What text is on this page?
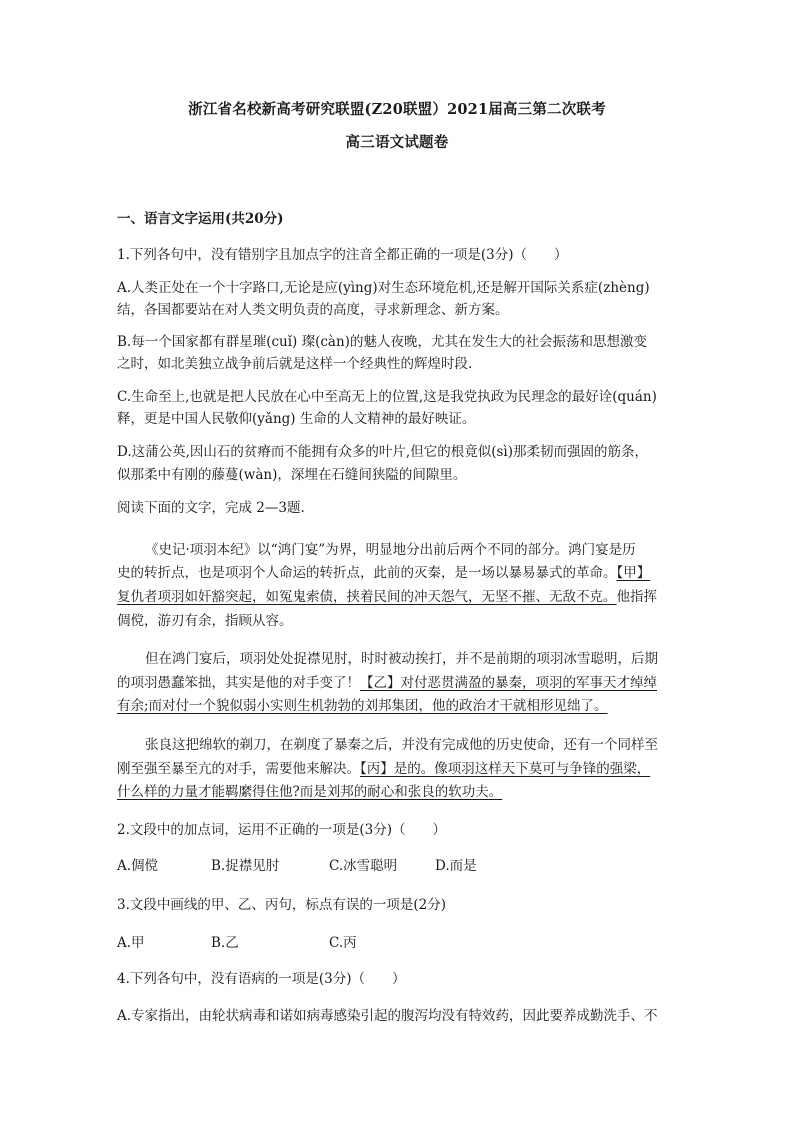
浙江省名校新高考研究联盟(Z20联盟）2021届高三第二次联考
高三语文试题卷
一、语言文字运用(共20分)
1.下列各句中，没有错别字且加点字的注音全都正确的一项是(3分)（　　）
A.人类正处在一个十字路口,无论是应(yìng)对生态环境危机,还是解开国际关系症(zhèng)
结，各国都要站在对人类文明负责的高度，寻求新理念、新方案。
B.每一个国家都有群星璀(cuǐ) 璨(càn)的魅人夜晚，尤其在发生大的社会振荡和思想激变
之时，如北美独立战争前后就是这样一个经典性的辉煌时段.
C.生命至上,也就是把人民放在心中至高无上的位置,这是我党执政为民理念的最好诠(quán)
释，更是中国人民敬仰(yǎng) 生命的人文精神的最好映证。
D.这蒲公英,因山石的贫瘠而不能拥有众多的叶片,但它的根竟似(sì)那柔韧而强固的筋条，
似那柔中有刚的藤蔓(wàn)，深埋在石缝间狭隘的间隙里。
阅读下面的文字，完成 2—3题.
《史记·项羽本纪》以“鸿门宴”为界，明显地分出前后两个不同的部分。鸿门宴是历
史的转折点，也是项羽个人命运的转折点，此前的灭秦，是一场以暴易暴式的革命。【甲】
复仇者项羽如奸豁突起，如冤鬼索债，挟着民间的冲天怨气，无坚不摧、无敌不克。他指挥
倜傥，游刃有余，指顾从容。
但在鸿门宴后，项羽处处捉襟见肘，时时被动挨打，并不是前期的项羽冰雪聪明，后期
的项羽愚蠢笨拙，其实是他的对手变了！【乙】对付恶贯满盈的暴秦，项羽的军事天才绰绰
有余;而对付一个貌似弱小实则生机勃勃的刘邦集团，他的政治才干就相形见绌了。
张良这把绵软的剃刀，在剃度了暴秦之后，并没有完成他的历史使命，还有一个同样至
刚至强至暴至亢的对手，需要他来解决。【丙】是的。像项羽这样天下莫可与争锋的强梁，
什么样的力量才能羁縻得住他?而是刘邦的耐心和张良的软功夫。
2.文段中的加点词，运用不正确的一项是(3分)（　　）
A.倜傥	B.捉襟见肘	C.冰雪聪明	D.而是
3.文段中画线的甲、乙、丙句，标点有误的一项是(2分)
A.甲	B.乙	C.丙
4.下列各句中，没有语病的一项是(3分)（　　）
A.专家指出，由轮状病毒和诺如病毒感染引起的腹泻均没有特效药，因此要养成勤洗手、不
